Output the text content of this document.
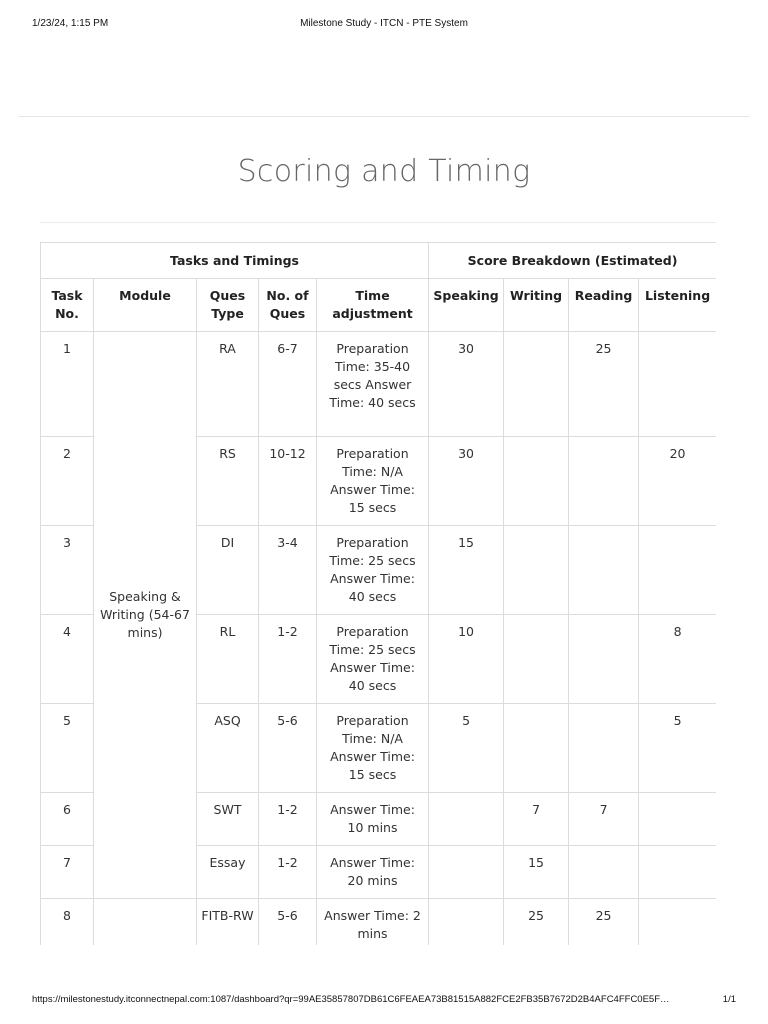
1/23/24, 1:15 PM	Milestone Study - ITCN - PTE System
Scoring and Timing
Tasks and Timings					Score Breakdown (Estimated)			
Task No.	Module	Ques Type	No. of Ques	Time adjustment	Speaking	Writing	Reading	Listening
1	Speaking & Writing (54-67 mins)	RA	6-7	Preparation Time: 35-40 secs Answer Time: 40 secs	30		25	
2		RS	10-12	Preparation Time: N/A Answer Time: 15 secs	30			20
3		DI	3-4	Preparation Time: 25 secs Answer Time: 40 secs	15			
4		RL	1-2	Preparation Time: 25 secs Answer Time: 40 secs	10			8
5		ASQ	5-6	Preparation Time: N/A Answer Time: 15 secs	5			5
6		SWT	1-2	Answer Time: 10 mins		7	7	
7		Essay	1-2	Answer Time: 20 mins		15		
8		FITB-RW	5-6	Answer Time: 2 mins		25	25	
https://milestonestudy.itconnectnepal.com:1087/dashboard?qr=99AE35857807DB61C6FEAEA73B81515A882FCE2FB35B7672D2B4AFC4FFC0E5F…	1/1
